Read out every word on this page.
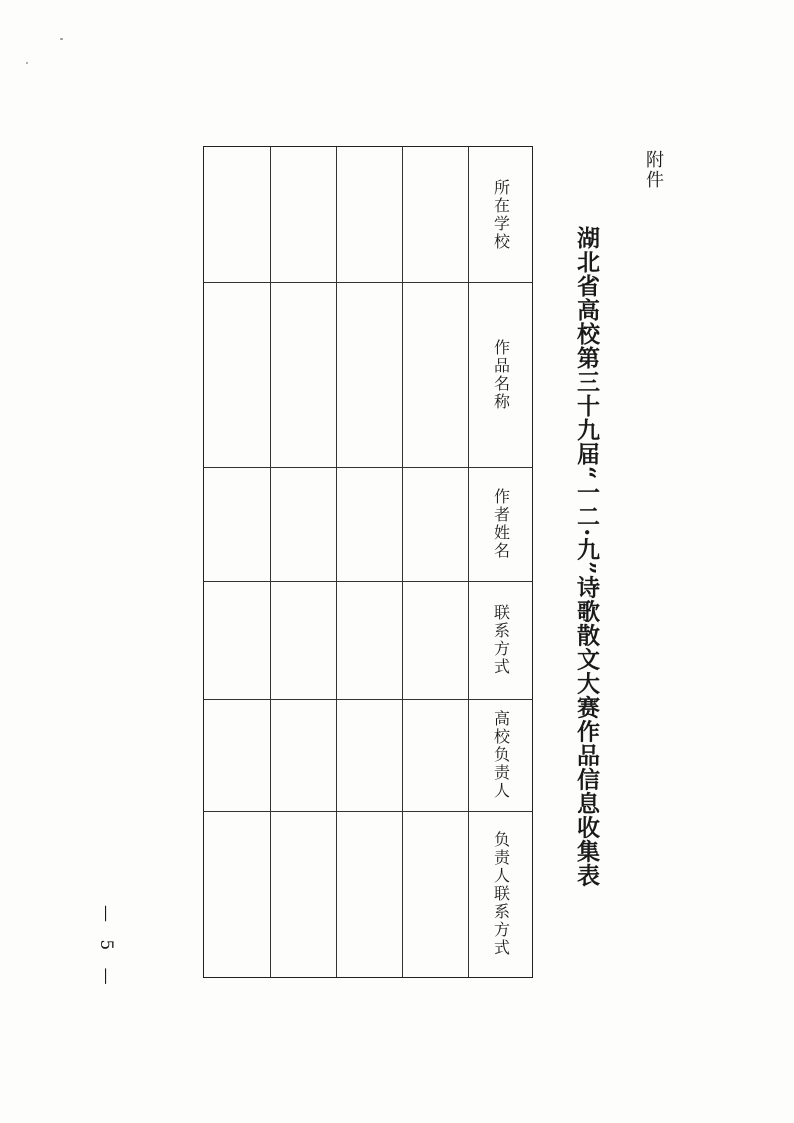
附件
湖北省高校第三十九届“一二·九”诗歌散文大赛作品信息收集表
所在学校
作品名称
作者姓名
联系方式
高校负责人
负责人联系方式
— 5 —
